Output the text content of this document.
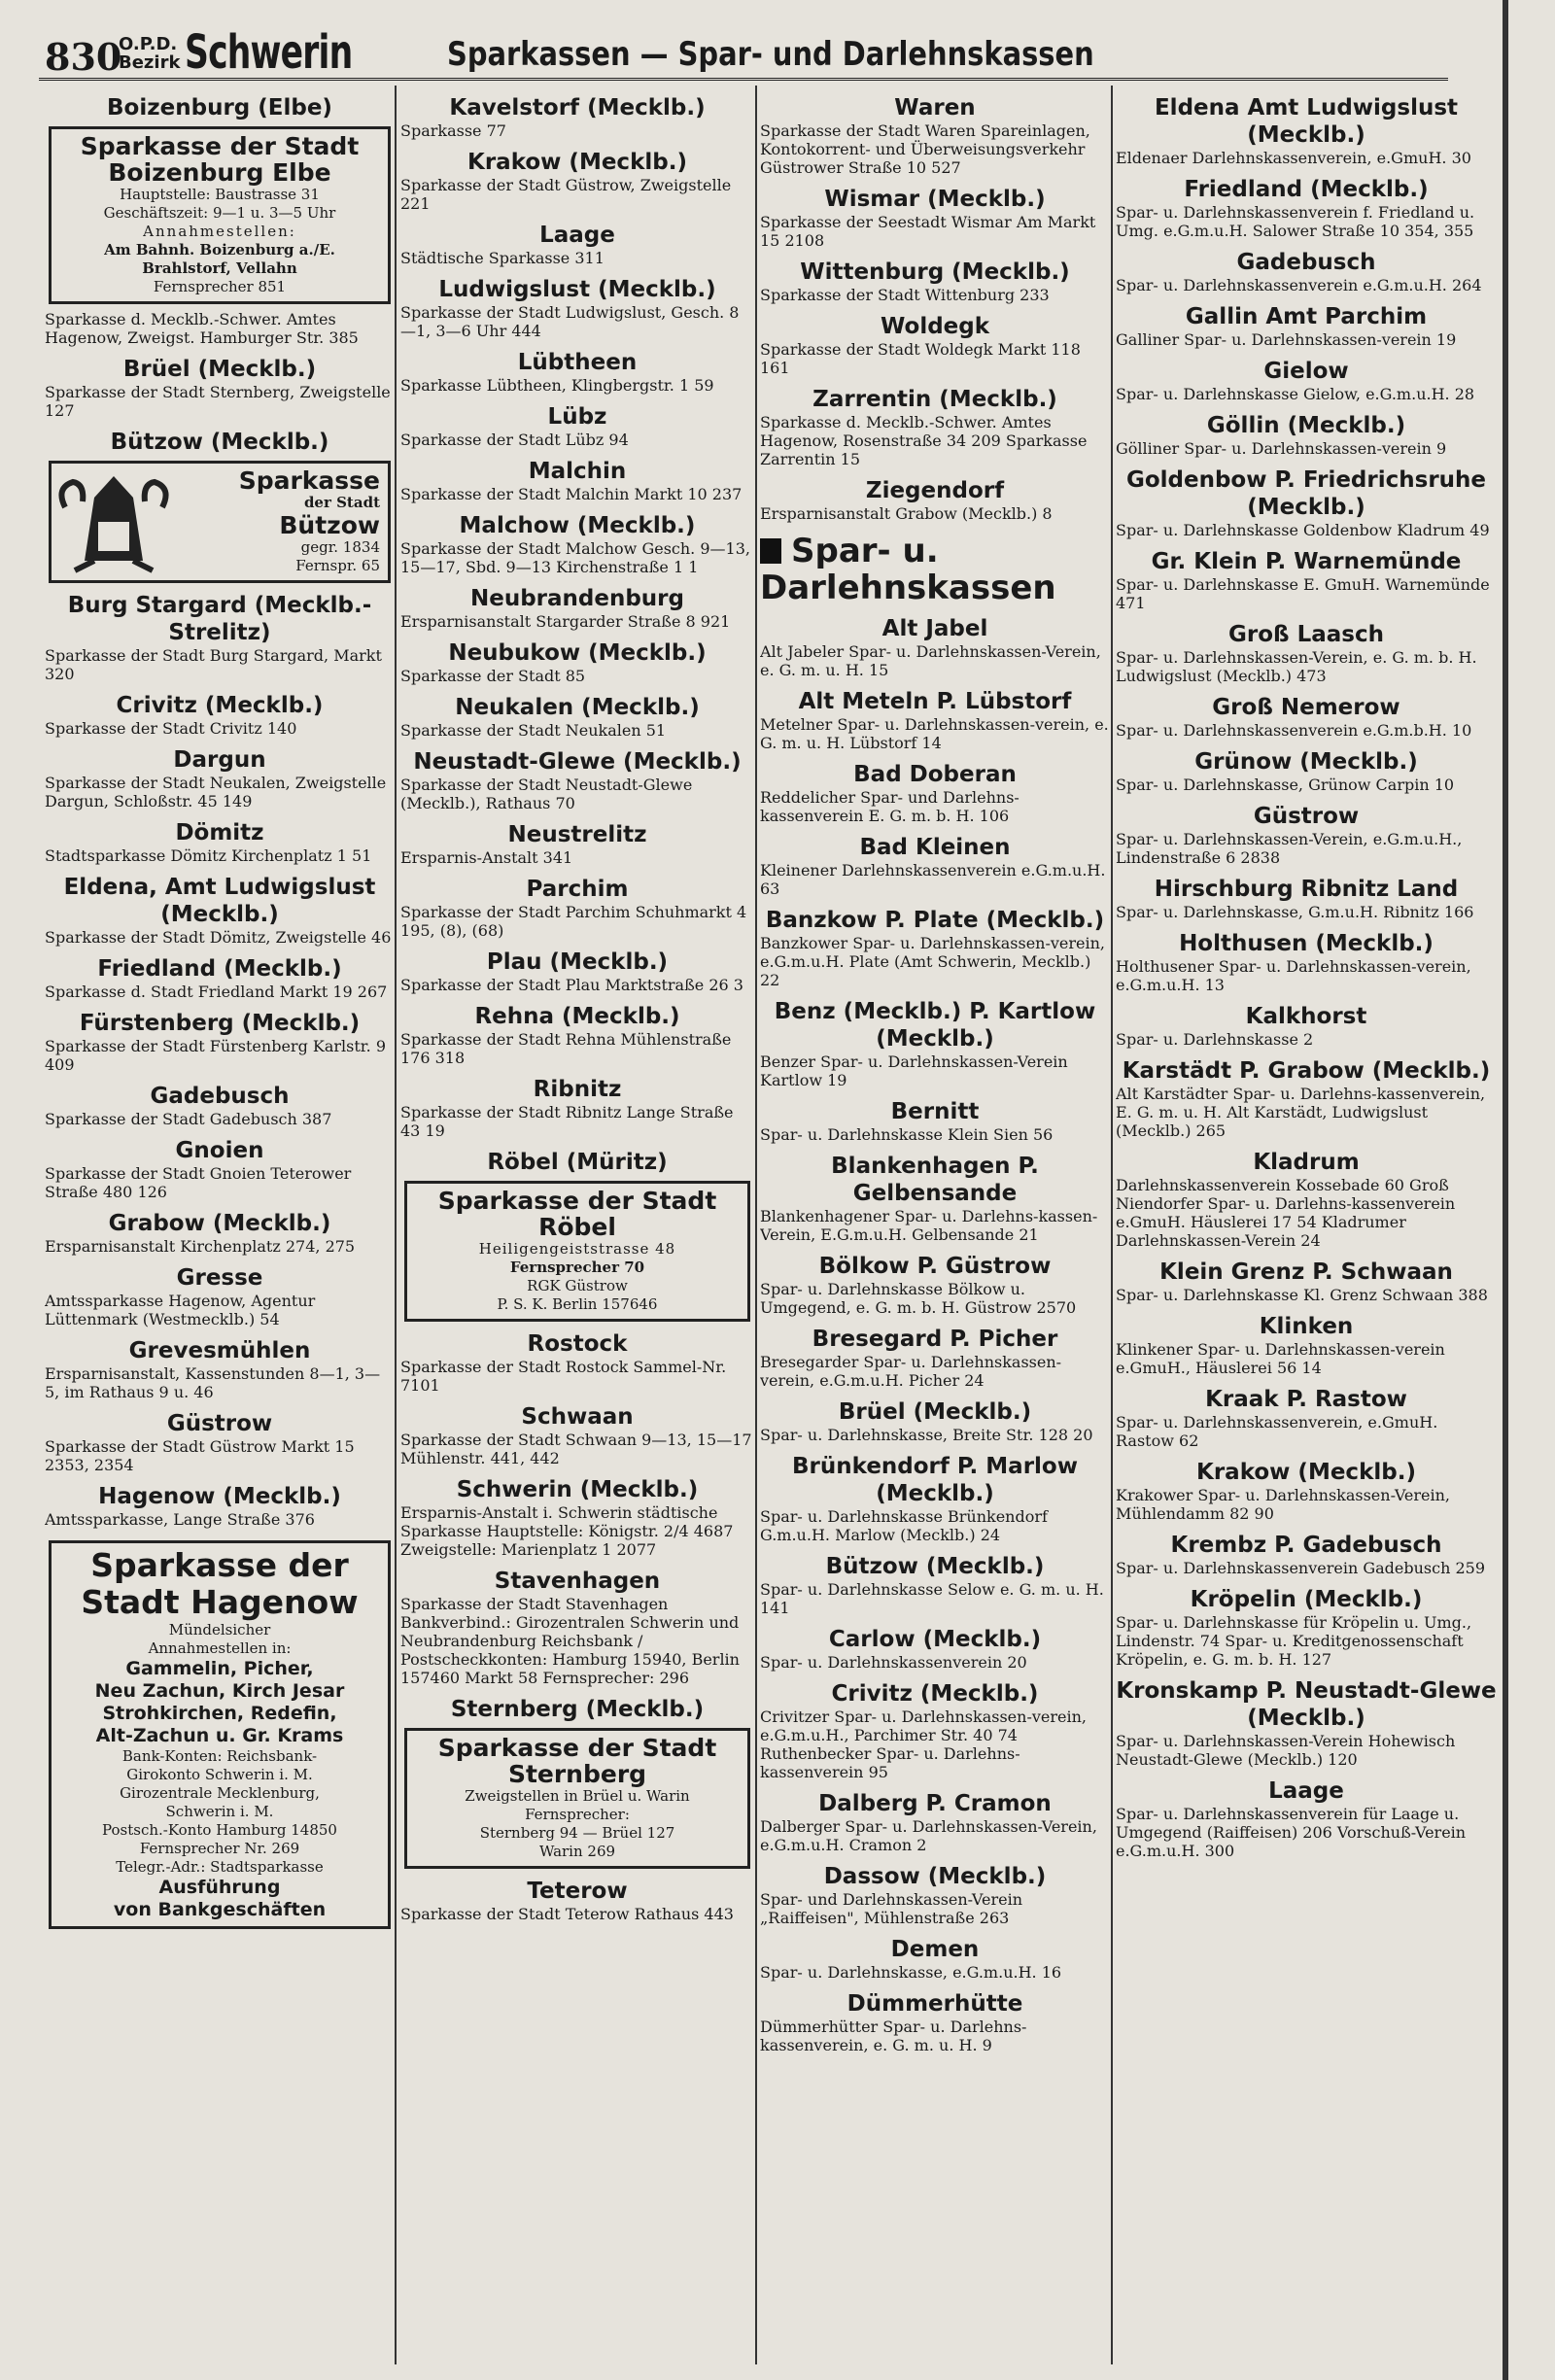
830
O.P.D.
Bezirk Schwerin	Sparkassen — Spar- und Darlehnskassen
Boizenburg (Elbe)
Sparkasse der Stadt
Boizenburg Elbe
Hauptstelle: Baustrasse 31
Geschäftszeit: 9—1 u. 3—5 Uhr
Annahmestellen:
Am Bahnh. Boizenburg a./E.
Brahlstorf, Vellahn
Fernsprecher 851
Sparkasse d. Mecklb.-Schwer. Amtes Hagenow, Zweigst. Hamburger Str. 385
Brüel (Mecklb.)
Sparkasse der Stadt Sternberg, Zweigstelle 127
Bützow (Mecklb.)
Sparkasse
der Stadt
Bützow
gegr. 1834
Fernspr. 65
Burg Stargard (Mecklb.-Strelitz)
Sparkasse der Stadt Burg Stargard, Markt 320
Crivitz (Mecklb.)
Sparkasse der Stadt Crivitz 140
Dargun
Sparkasse der Stadt Neukalen, Zweigstelle Dargun, Schloßstr. 45 149
Dömitz
Stadtsparkasse Dömitz Kirchenplatz 1 51
Eldena, Amt Ludwigslust (Mecklb.)
Sparkasse der Stadt Dömitz, Zweigstelle 46
Friedland (Mecklb.)
Sparkasse d. Stadt Friedland Markt 19 267
Fürstenberg (Mecklb.)
Sparkasse der Stadt Fürstenberg Karlstr. 9 409
Gadebusch
Sparkasse der Stadt Gadebusch 387
Gnoien
Sparkasse der Stadt Gnoien Teterower Straße 480 126
Grabow (Mecklb.)
Ersparnisanstalt Kirchenplatz 274, 275
Gresse
Amtssparkasse Hagenow, Agentur Lüttenmark (Westmecklb.) 54
Grevesmühlen
Ersparnisanstalt, Kassenstunden 8—1, 3—5, im Rathaus 9 u. 46
Güstrow
Sparkasse der Stadt Güstrow Markt 15 2353, 2354
Hagenow (Mecklb.)
Amtssparkasse, Lange Straße 376
Sparkasse der
Stadt Hagenow
Mündelsicher
Annahmestellen in:
Gammelin, Picher,
Neu Zachun, Kirch Jesar
Strohkirchen, Redefin,
Alt-Zachun u. Gr. Krams
Bank-Konten: Reichsbank-
Girokonto Schwerin i. M.
Girozentrale Mecklenburg,
Schwerin i. M.
Postsch.-Konto Hamburg 14850
Fernsprecher Nr. 269
Telegr.-Adr.: Stadtsparkasse
Ausführung
von Bankgeschäften
Kavelstorf (Mecklb.)
Sparkasse 77
Krakow (Mecklb.)
Sparkasse der Stadt Güstrow, Zweigstelle 221
Laage
Städtische Sparkasse 311
Ludwigslust (Mecklb.)
Sparkasse der Stadt Ludwigslust, Gesch. 8—1, 3—6 Uhr 444
Lübtheen
Sparkasse Lübtheen, Klingbergstr. 1 59
Lübz
Sparkasse der Stadt Lübz 94
Malchin
Sparkasse der Stadt Malchin Markt 10 237
Malchow (Mecklb.)
Sparkasse der Stadt Malchow Gesch. 9—13, 15—17, Sbd. 9—13 Kirchenstraße 1 1
Neubrandenburg
Ersparnisanstalt Stargarder Straße 8 921
Neubukow (Mecklb.)
Sparkasse der Stadt 85
Neukalen (Mecklb.)
Sparkasse der Stadt Neukalen 51
Neustadt-Glewe (Mecklb.)
Sparkasse der Stadt Neustadt-Glewe (Mecklb.), Rathaus 70
Neustrelitz
Ersparnis-Anstalt 341
Parchim
Sparkasse der Stadt Parchim Schuhmarkt 4 195, (8), (68)
Plau (Mecklb.)
Sparkasse der Stadt Plau Marktstraße 26 3
Rehna (Mecklb.)
Sparkasse der Stadt Rehna Mühlenstraße 176 318
Ribnitz
Sparkasse der Stadt Ribnitz Lange Straße 43 19
Röbel (Müritz)
Sparkasse der Stadt
Röbel
Heiligengeiststrasse 48
Fernsprecher 70
RGK Güstrow
P. S. K. Berlin 157646
Rostock
Sparkasse der Stadt Rostock Sammel-Nr. 7101
Schwaan
Sparkasse der Stadt Schwaan 9—13, 15—17 Mühlenstr. 441, 442
Schwerin (Mecklb.)
Ersparnis-Anstalt i. Schwerin städtische Sparkasse Hauptstelle: Königstr. 2/4 4687 Zweigstelle: Marienplatz 1 2077
Stavenhagen
Sparkasse der Stadt Stavenhagen Bankverbind.: Girozentralen Schwerin und Neubrandenburg Reichsbank / Postscheckkonten: Hamburg 15940, Berlin 157460 Markt 58 Fernsprecher: 296
Sternberg (Mecklb.)
Sparkasse der Stadt
Sternberg
Zweigstellen in Brüel u. Warin
Fernsprecher:
Sternberg 94 — Brüel 127
Warin 269
Teterow
Sparkasse der Stadt Teterow Rathaus 443
Waren
Sparkasse der Stadt Waren Spareinlagen, Kontokorrent- und Überweisungsverkehr Güstrower Straße 10 527
Wismar (Mecklb.)
Sparkasse der Seestadt Wismar Am Markt 15 2108
Wittenburg (Mecklb.)
Sparkasse der Stadt Wittenburg 233
Woldegk
Sparkasse der Stadt Woldegk Markt 118 161
Zarrentin (Mecklb.)
Sparkasse d. Mecklb.-Schwer. Amtes Hagenow, Rosenstraße 34 209 Sparkasse Zarrentin 15
Ziegendorf
Ersparnisanstalt Grabow (Mecklb.) 8
Spar- u. Darlehnskassen
Alt Jabel
Alt Jabeler Spar- u. Darlehnskassen-Verein, e. G. m. u. H. 15
Alt Meteln P. Lübstorf
Metelner Spar- u. Darlehnskassen-verein, e. G. m. u. H. Lübstorf 14
Bad Doberan
Reddelicher Spar- und Darlehns-kassenverein E. G. m. b. H. 106
Bad Kleinen
Kleinener Darlehnskassenverein e.G.m.u.H. 63
Banzkow P. Plate (Mecklb.)
Banzkower Spar- u. Darlehnskassen-verein, e.G.m.u.H. Plate (Amt Schwerin, Mecklb.) 22
Benz (Mecklb.) P. Kartlow (Mecklb.)
Benzer Spar- u. Darlehnskassen-Verein Kartlow 19
Bernitt
Spar- u. Darlehnskasse Klein Sien 56
Blankenhagen P. Gelbensande
Blankenhagener Spar- u. Darlehns-kassen-Verein, E.G.m.u.H. Gelbensande 21
Bölkow P. Güstrow
Spar- u. Darlehnskasse Bölkow u. Umgegend, e. G. m. b. H. Güstrow 2570
Bresegard P. Picher
Bresegarder Spar- u. Darlehnskassen-verein, e.G.m.u.H. Picher 24
Brüel (Mecklb.)
Spar- u. Darlehnskasse, Breite Str. 128 20
Brünkendorf P. Marlow (Mecklb.)
Spar- u. Darlehnskasse Brünkendorf G.m.u.H. Marlow (Mecklb.) 24
Bützow (Mecklb.)
Spar- u. Darlehnskasse Selow e. G. m. u. H. 141
Carlow (Mecklb.)
Spar- u. Darlehnskassenverein 20
Crivitz (Mecklb.)
Crivitzer Spar- u. Darlehnskassen-verein, e.G.m.u.H., Parchimer Str. 40 74 Ruthenbecker Spar- u. Darlehns-kassenverein 95
Dalberg P. Cramon
Dalberger Spar- u. Darlehnskassen-Verein, e.G.m.u.H. Cramon 2
Dassow (Mecklb.)
Spar- und Darlehnskassen-Verein „Raiffeisen", Mühlenstraße 263
Demen
Spar- u. Darlehnskasse, e.G.m.u.H. 16
Dümmerhütte
Dümmerhütter Spar- u. Darlehns-kassenverein, e. G. m. u. H. 9
Eldena Amt Ludwigslust (Mecklb.)
Eldenaer Darlehnskassenverein, e.GmuH. 30
Friedland (Mecklb.)
Spar- u. Darlehnskassenverein f. Friedland u. Umg. e.G.m.u.H. Salower Straße 10 354, 355
Gadebusch
Spar- u. Darlehnskassenverein e.G.m.u.H. 264
Gallin Amt Parchim
Galliner Spar- u. Darlehnskassen-verein 19
Gielow
Spar- u. Darlehnskasse Gielow, e.G.m.u.H. 28
Göllin (Mecklb.)
Gölliner Spar- u. Darlehnskassen-verein 9
Goldenbow P. Friedrichsruhe (Mecklb.)
Spar- u. Darlehnskasse Goldenbow Kladrum 49
Gr. Klein P. Warnemünde
Spar- u. Darlehnskasse E. GmuH. Warnemünde 471
Groß Laasch
Spar- u. Darlehnskassen-Verein, e. G. m. b. H. Ludwigslust (Mecklb.) 473
Groß Nemerow
Spar- u. Darlehnskassenverein e.G.m.b.H. 10
Grünow (Mecklb.)
Spar- u. Darlehnskasse, Grünow Carpin 10
Güstrow
Spar- u. Darlehnskassen-Verein, e.G.m.u.H., Lindenstraße 6 2838
Hirschburg Ribnitz Land
Spar- u. Darlehnskasse, G.m.u.H. Ribnitz 166
Holthusen (Mecklb.)
Holthusener Spar- u. Darlehnskassen-verein, e.G.m.u.H. 13
Kalkhorst
Spar- u. Darlehnskasse 2
Karstädt P. Grabow (Mecklb.)
Alt Karstädter Spar- u. Darlehns-kassenverein, E. G. m. u. H. Alt Karstädt, Ludwigslust (Mecklb.) 265
Kladrum
Darlehnskassenverein Kossebade 60 Groß Niendorfer Spar- u. Darlehns-kassenverein e.GmuH. Häuslerei 17 54 Kladrumer Darlehnskassen-Verein 24
Klein Grenz P. Schwaan
Spar- u. Darlehnskasse Kl. Grenz Schwaan 388
Klinken
Klinkener Spar- u. Darlehnskassen-verein e.GmuH., Häuslerei 56 14
Kraak P. Rastow
Spar- u. Darlehnskassenverein, e.GmuH. Rastow 62
Krakow (Mecklb.)
Krakower Spar- u. Darlehnskassen-Verein, Mühlendamm 82 90
Krembz P. Gadebusch
Spar- u. Darlehnskassenverein Gadebusch 259
Kröpelin (Mecklb.)
Spar- u. Darlehnskasse für Kröpelin u. Umg., Lindenstr. 74 Spar- u. Kreditgenossenschaft Kröpelin, e. G. m. b. H. 127
Kronskamp P. Neustadt-Glewe (Mecklb.)
Spar- u. Darlehnskassen-Verein Hohewisch Neustadt-Glewe (Mecklb.) 120
Laage
Spar- u. Darlehnskassenverein für Laage u. Umgegend (Raiffeisen) 206 Vorschuß-Verein e.G.m.u.H. 300
